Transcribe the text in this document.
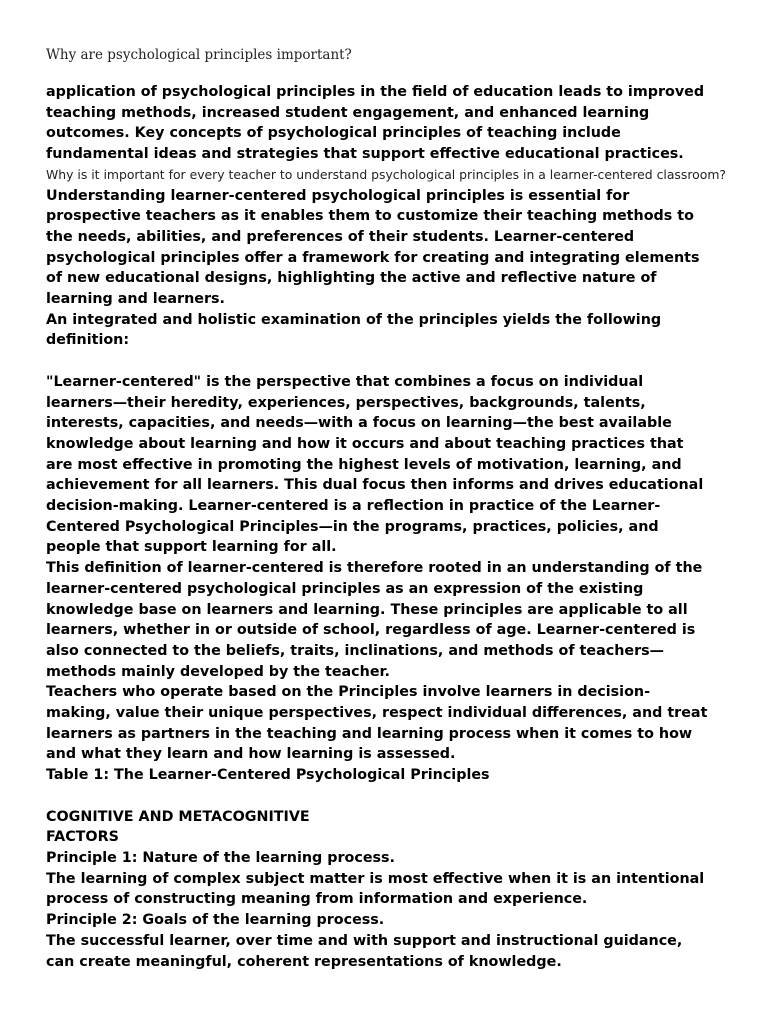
Why are psychological principles important?

application of psychological principles in the field of education leads to improved
teaching methods, increased student engagement, and enhanced learning
outcomes. Key concepts of psychological principles of teaching include
fundamental ideas and strategies that support effective educational practices.

Why is it important for every teacher to understand psychological principles in a learner-centered classroom?

Understanding learner-centered psychological principles is essential for
prospective teachers as it enables them to customize their teaching methods to
the needs, abilities, and preferences of their students. Learner-centered
psychological principles offer a framework for creating and integrating elements
of new educational designs, highlighting the active and reflective nature of
learning and learners.

An integrated and holistic examination of the principles yields the following
definition:

"Learner-centered" is the perspective that combines a focus on individual
learners—their heredity, experiences, perspectives, backgrounds, talents,
interests, capacities, and needs—with a focus on learning—the best available
knowledge about learning and how it occurs and about teaching practices that
are most effective in promoting the highest levels of motivation, learning, and
achievement for all learners. This dual focus then informs and drives educational
decision-making. Learner-centered is a reflection in practice of the Learner-
Centered Psychological Principles—in the programs, practices, policies, and
people that support learning for all.

This definition of learner-centered is therefore rooted in an understanding of the
learner-centered psychological principles as an expression of the existing
knowledge base on learners and learning. These principles are applicable to all
learners, whether in or outside of school, regardless of age. Learner-centered is
also connected to the beliefs, traits, inclinations, and methods of teachers—
methods mainly developed by the teacher.

Teachers who operate based on the Principles involve learners in decision-
making, value their unique perspectives, respect individual differences, and treat
learners as partners in the teaching and learning process when it comes to how
and what they learn and how learning is assessed.

Table 1: The Learner-Centered Psychological Principles

COGNITIVE AND METACOGNITIVE
FACTORS

Principle 1: Nature of the learning process.

The learning of complex subject matter is most effective when it is an intentional
process of constructing meaning from information and experience.

Principle 2: Goals of the learning process.

The successful learner, over time and with support and instructional guidance,
can create meaningful, coherent representations of knowledge.
